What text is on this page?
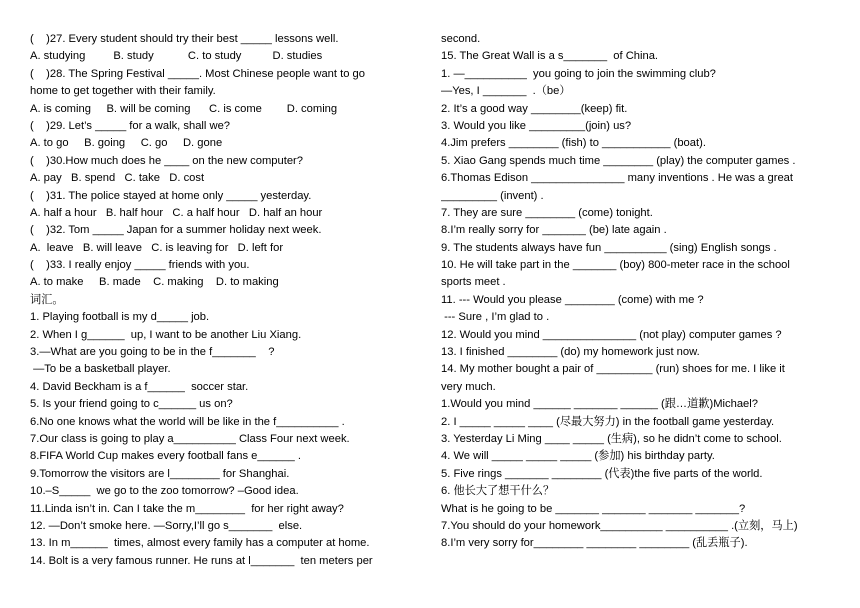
(    )27. Every student should try their best _____ lessons well.
A. studying         B. study           C. to study          D. studies
(    )28. The Spring Festival _____. Most Chinese people want to go
home to get together with their family.
A. is coming     B. will be coming      C. is come        D. coming
(    )29. Let’s _____ for a walk, shall we?
A. to go     B. going     C. go     D. gone
(    )30.How much does he ____ on the new computer?
A. pay   B. spend   C. take   D. cost
(    )31. The police stayed at home only _____ yesterday.
A. half a hour   B. half hour   C. a half hour   D. half an hour
(    )32. Tom _____ Japan for a summer holiday next week.
A.  leave   B. will leave   C. is leaving for   D. left for
(    )33. I really enjoy _____ friends with you.
A. to make     B. made    C. making    D. to making
词汇。
1. Playing football is my d_____ job.
2. When I g______  up, I want to be another Liu Xiang.
3.—What are you going to be in the f_______    ?
—To be a basketball player.
4. David Beckham is a f______  soccer star.
5. Is your friend going to c______ us on?
6.No one knows what the world will be like in the f__________ .
7.Our class is going to play a__________ Class Four next week.
8.FIFA World Cup makes every football fans e______ .
9.Tomorrow the visitors are l________ for Shanghai.
10.–S_____  we go to the zoo tomorrow? –Good idea.
11.Linda isn’t in. Can I take the m________  for her right away?
12. —Don’t smoke here. —Sorry,I’ll go s_______  else.
13. In m______  times, almost every family has a computer at home.
14. Bolt is a very famous runner. He runs at l_______  ten meters per
second.
15. The Great Wall is a s_______  of China.
1. —__________  you going to join the swimming club?
—Yes, I _______  .（be）
2. It’s a good way ________(keep) fit.
3. Would you like _________(join) us?
4.Jim prefers ________ (fish) to ___________ (boat).
5. Xiao Gang spends much time ________ (play) the computer games .
6.Thomas Edison _______________ many inventions . He was a great
_________ (invent) .
7. They are sure ________ (come) tonight.
8.I’m really sorry for _______ (be) late again .
9. The students always have fun __________ (sing) English songs .
10. He will take part in the _______ (boy) 800-meter race in the school
sports meet .
11. --- Would you please ________ (come) with me ?
--- Sure , I’m glad to .
12. Would you mind _______________ (not play) computer games ?
13. I finished ________ (do) my homework just now.
14. My mother bought a pair of _________ (run) shoes for me. I like it
very much.
1.Would you mind ______ _______ ______ (跟…道歉)Michael?
2. I _____ _____ ____ (尽最大努力) in the football game yesterday.
3. Yesterday Li Ming ____ _____ (生病), so he didn’t come to school.
4. We will _____ _____ _____ (参加) his birthday party.
5. Five rings _______ ________ (代表)the five parts of the world.
6. 他长大了想干什么？
What is he going to be _______ _______ _______ _______?
7.You should do your homework__________ __________ .(立刻，马上)
8.I’m very sorry for________ ________ ________ (乱丢瓶子).
